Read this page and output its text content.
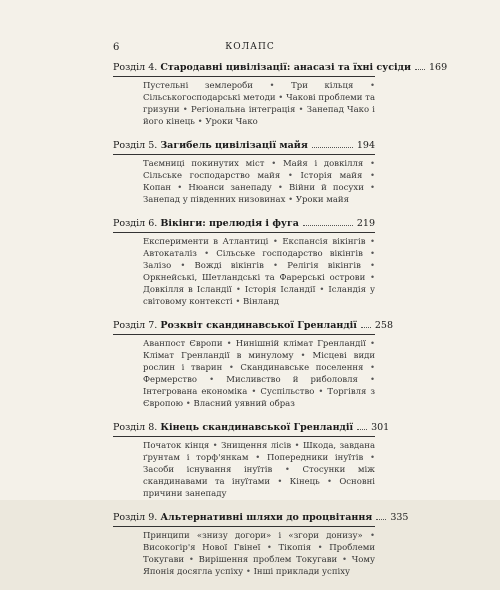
6	КОЛАПС
Розділ 4. Стародавні цивілізації: анасазі та їхні сусіди 169
Пустельні землероби • Три кільця • Сільськогосподарські методи • Чакові проблеми та гризуни • Регіональна інтеграція • Занепад Чако і його кінець • Уроки Чако
Розділ 5. Загибель цивілізації майя	194
Таємниці покинутих міст • Майя і довкілля • Сільське господарство майя • Історія майя • Копан • Нюанси занепаду • Війни й посухи • Занепад у південних низовинах • Уроки майя
Розділ 6. Вікінги: прелюдія і фуга	219
Експерименти в Атлантиці • Експансія вікінгів • Автокаталіз • Сільське господарство вікінгів • Залізо • Вожді вікінгів • Релігія вікінгів • Оркнейські, Шетландські та Фарерські острови • Довкілля в Ісландії • Історія Ісландії • Ісландія у світовому контексті • Вінланд
Розділ 7. Розквіт скандинавської Гренландії 258
Аванпост Європи • Нинішній клімат Гренландії • Клімат Гренландії в минулому • Місцеві види рослин і тварин • Скандинавське поселення • Фермерство • Мисливство й риболовля • Інтегрована економіка • Суспільство • Торгівля з Європою • Власний уявний образ
Розділ 8. Кінець скандинавської Гренландії 301
Початок кінця • Знищення лісів • Шкода, завдана ґрунтам і торф'янкам • Попередники інуїтів • Засоби існування інуїтів • Стосунки між скандинавами та інуїтами • Кінець • Основні причини занепаду
Розділ 9. Альтернативні шляхи до процвітання 335
Принципи «знизу догори» і «згори донизу» • Високогір'я Нової Гвінеї • Тікопія • Проблеми Токугави • Вирішення проблем Токугави • Чому Японія досягла успіху • Інші приклади успіху
